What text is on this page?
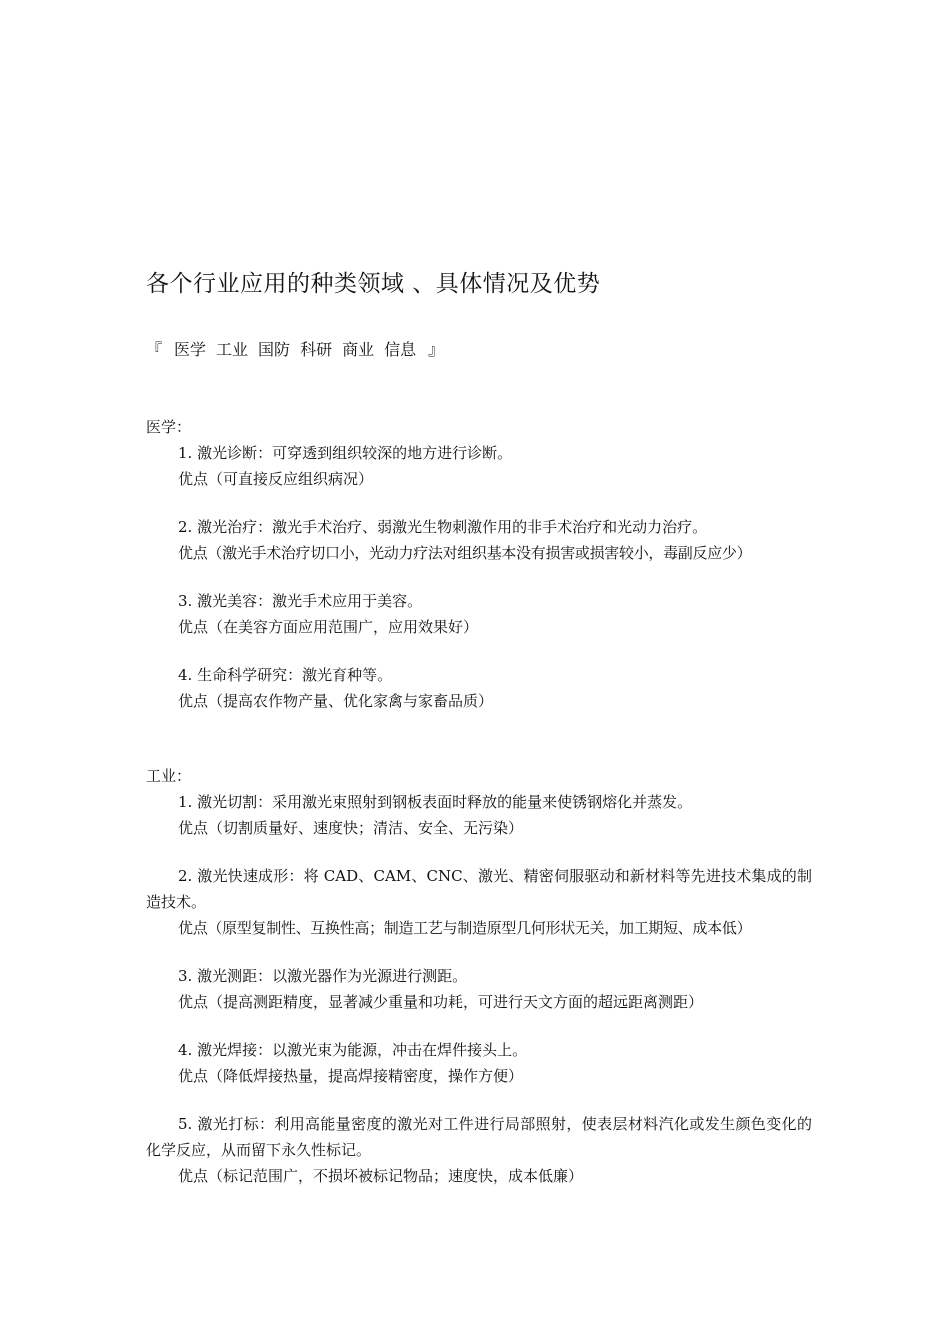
各个行业应用的种类领域 、具体情况及优势
『 医学 工业 国防 科研 商业 信息 』
医学：
1. 激光诊断：可穿透到组织较深的地方进行诊断。
优点（可直接反应组织病况）
2. 激光治疗：激光手术治疗、弱激光生物刺激作用的非手术治疗和光动力治疗。
优点（激光手术治疗切口小，光动力疗法对组织基本没有损害或损害较小，毒副反应少）
3. 激光美容：激光手术应用于美容。
优点（在美容方面应用范围广，应用效果好）
4. 生命科学研究：激光育种等。
优点（提高农作物产量、优化家禽与家畜品质）
工业：
1. 激光切割：采用激光束照射到钢板表面时释放的能量来使锈钢熔化并蒸发。
优点（切割质量好、速度快；清洁、安全、无污染）
2. 激光快速成形：将 CAD、CAM、CNC、激光、精密伺服驱动和新材料等先进技术集成的制造技术。
优点（原型复制性、互换性高；制造工艺与制造原型几何形状无关，加工期短、成本低）
3. 激光测距：以激光器作为光源进行测距。
优点（提高测距精度，显著减少重量和功耗，可进行天文方面的超远距离测距）
4. 激光焊接：以激光束为能源，冲击在焊件接头上。
优点（降低焊接热量，提高焊接精密度，操作方便）
5. 激光打标：利用高能量密度的激光对工件进行局部照射，使表层材料汽化或发生颜色变化的化学反应，从而留下永久性标记。
优点（标记范围广，不损坏被标记物品；速度快，成本低廉）
